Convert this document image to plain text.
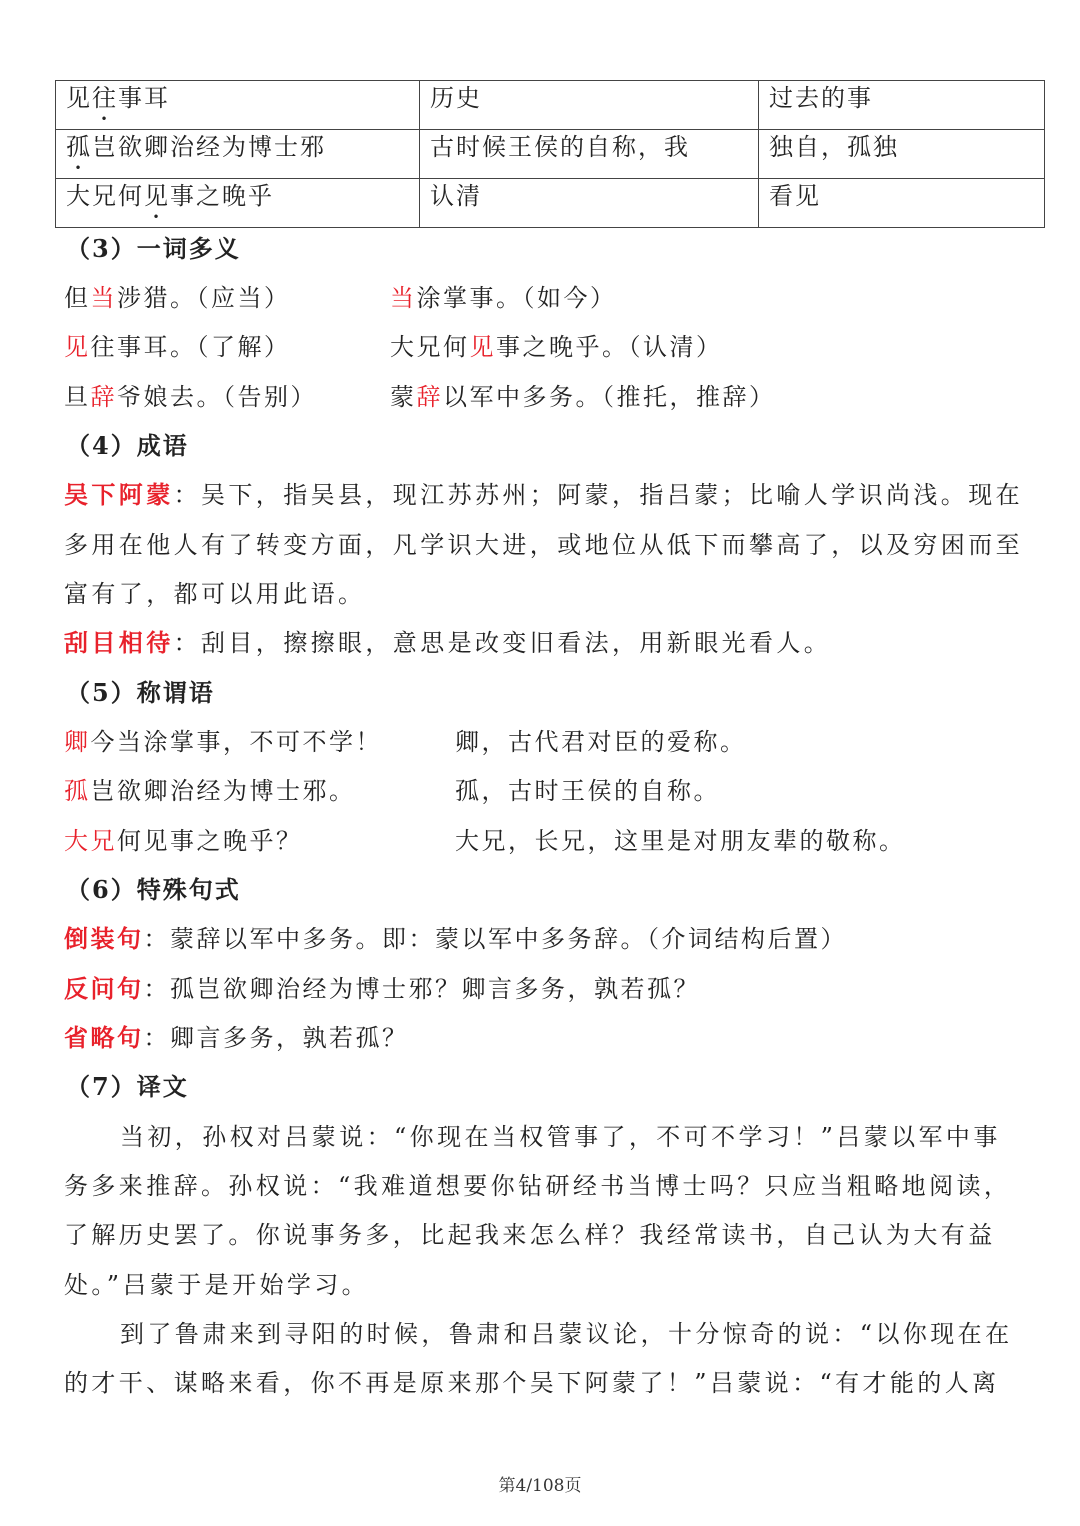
见往事耳	历史	过去的事
孤岂欲卿治经为博士邪	古时候王侯的自称，我	独自，孤独
大兄何见事之晚乎	认清	看见
（3）一词多义
但当涉猎。（应当）	当涂掌事。（如今）
见往事耳。（了解）	大兄何见事之晚乎。（认清）
旦辞爷娘去。（告别）	蒙辞以军中多务。（推托，推辞）
（4）成语
吴下阿蒙：吴下，指吴县，现江苏苏州；阿蒙，指吕蒙；比喻人学识尚浅。现在
多用在他人有了转变方面，凡学识大进，或地位从低下而攀高了，以及穷困而至
富有了，都可以用此语。
刮目相待：刮目，擦擦眼，意思是改变旧看法，用新眼光看人。
（5）称谓语
卿今当涂掌事，不可不学！	卿，古代君对臣的爱称。
孤岂欲卿治经为博士邪。	孤，古时王侯的自称。
大兄何见事之晚乎？	大兄，长兄，这里是对朋友辈的敬称。
（6）特殊句式
倒装句：蒙辞以军中多务。即：蒙以军中多务辞。（介词结构后置）
反问句：孤岂欲卿治经为博士邪？卿言多务，孰若孤？
省略句：卿言多务，孰若孤？
（7）译文
当初，孙权对吕蒙说：“你现在当权管事了，不可不学习！”吕蒙以军中事
务多来推辞。孙权说：“我难道想要你钻研经书当博士吗？只应当粗略地阅读，
了解历史罢了。你说事务多，比起我来怎么样？我经常读书，自己认为大有益
处。”吕蒙于是开始学习。
到了鲁肃来到寻阳的时候，鲁肃和吕蒙议论，十分惊奇的说：“以你现在在
的才干、谋略来看，你不再是原来那个吴下阿蒙了！”吕蒙说：“有才能的人离
第4/108页
